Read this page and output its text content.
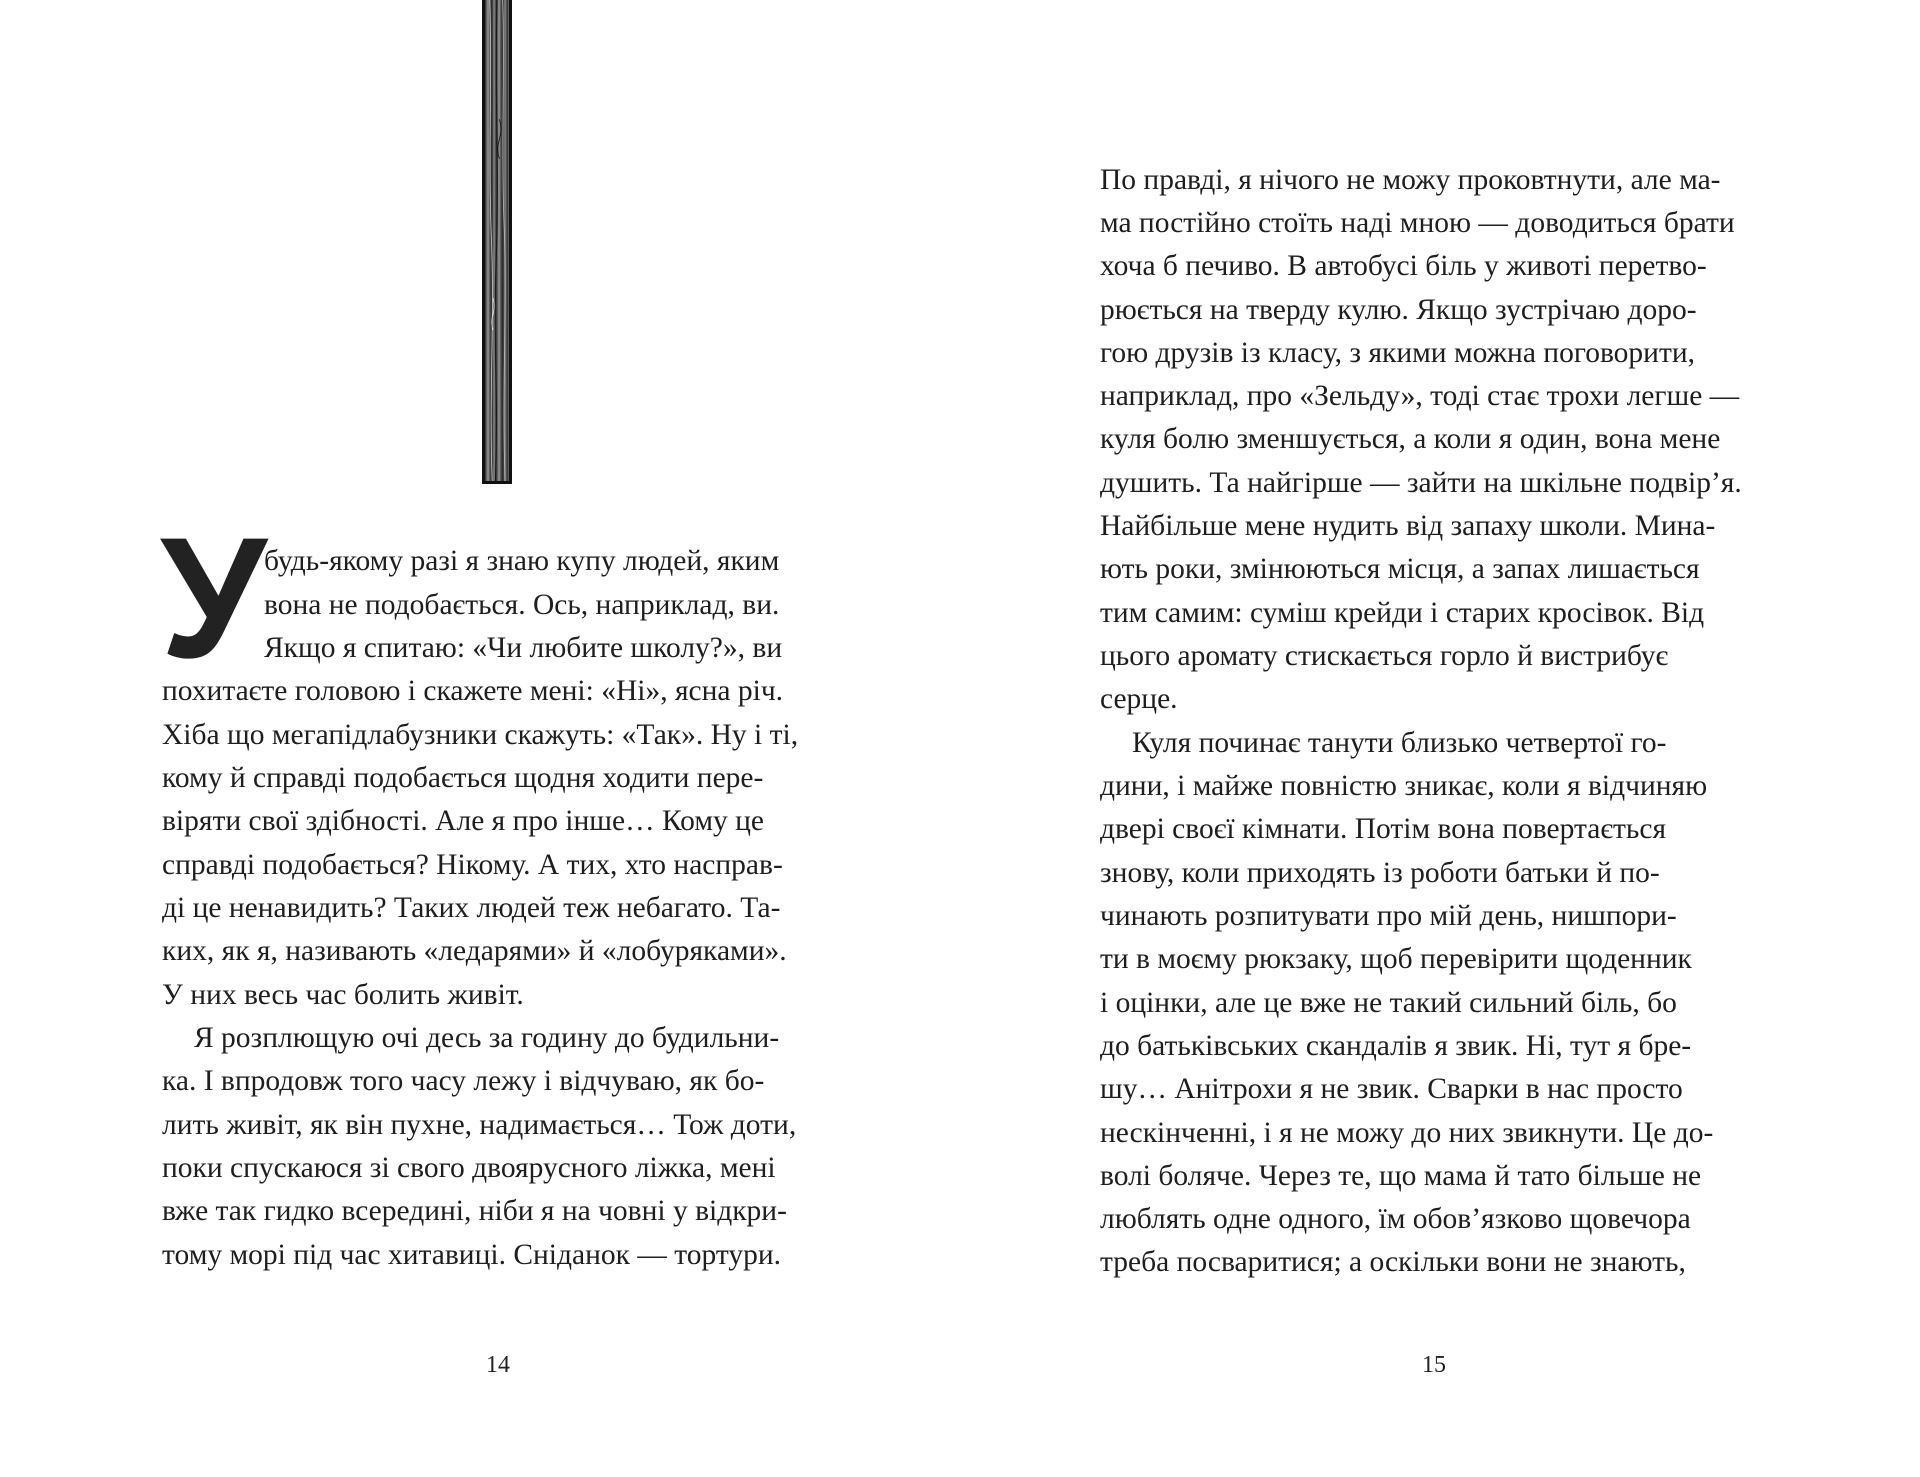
У
будь-якому разі я знаю купу людей, яким
вона не подобається. Ось, наприклад, ви.
Якщо я спитаю: «Чи любите школу?», ви
похитаєте головою і скажете мені: «Ні», ясна річ.
Хіба що мегапідлабузники скажуть: «Так». Ну і ті,
кому й справді подобається щодня ходити пере-
віряти свої здібності. Але я про інше… Кому це
справді подобається? Нікому. А тих, хто насправ-
ді це ненавидить? Таких людей теж небагато. Та-
ких, як я, називають «ледарями» й «лобуряками».
У них весь час болить живіт.
Я розплющую очі десь за годину до будильни-
ка. І впродовж того часу лежу і відчуваю, як бо-
лить живіт, як він пухне, надимається… Тож доти,
поки спускаюся зі свого двоярусного ліжка, мені
вже так гидко всередині, ніби я на човні у відкри-
тому морі під час хитавиці. Сніданок — тортури.
14
По правді, я нічого не можу проковтнути, але ма-
ма постійно стоїть наді мною — доводиться брати
хоча б печиво. В автобусі біль у животі перетво-
рюється на тверду кулю. Якщо зустрічаю доро-
гою друзів із класу, з якими можна поговорити,
наприклад, про «Зельду», тоді стає трохи легше —
куля болю зменшується, а коли я один, вона мене
душить. Та найгірше — зайти на шкільне подвір’я.
Найбільше мене нудить від запаху школи. Мина-
ють роки, змінюються місця, а запах лишається
тим самим: суміш крейди і старих кросівок. Від
цього аромату стискається горло й вистрибує
серце.
Куля починає танути близько четвертої го-
дини, і майже повністю зникає, коли я відчиняю
двері своєї кімнати. Потім вона повертається
знову, коли приходять із роботи батьки й по-
чинають розпитувати про мій день, нишпори-
ти в моєму рюкзаку, щоб перевірити щоденник
і оцінки, але це вже не такий сильний біль, бо
до батьківських скандалів я звик. Ні, тут я бре-
шу… Анітрохи я не звик. Сварки в нас просто
нескінченні, і я не можу до них звикнути. Це до-
волі боляче. Через те, що мама й тато більше не
люблять одне одного, їм обов’язково щовечора
треба посваритися; а оскільки вони не знають,
15
